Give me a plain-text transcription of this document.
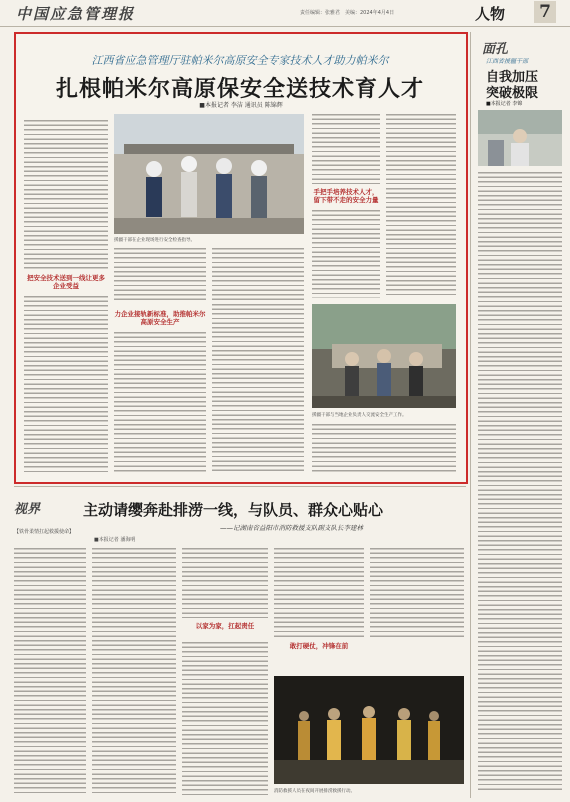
中国应急管理报	责任编辑：张雅君　美编：2024年4月4日	人物 7
江西省应急管理厅驻帕米尔高原安全专家技术人才助力帕米尔
扎根帕米尔高原保安全送技术育人才
■本报记者 李洁 通讯员 陈锦辉
把安全技术送到一线让更多企业受益
援疆干部在企业现场进行安全检查指导。
力企业接轨新标准，助推帕米尔高原安全生产
手把手培养技术人才，留下带不走的安全力量
援疆干部与当地企业负责人交流安全生产工作。
面孔
江西省援疆干部
自我加压
突破极限
■本报记者 李锦
视界	主动请缨奔赴排涝一线，与队员、群众心贴心
——记湖南省益阳市消防救援支队副支队长李建林
【铁骨柔情扛起救援使命】
■本报记者 潘海明
以家为家，扛起责任
敢打硬仗，冲锋在前
消防救援人员在夜间开展排涝救援行动。
